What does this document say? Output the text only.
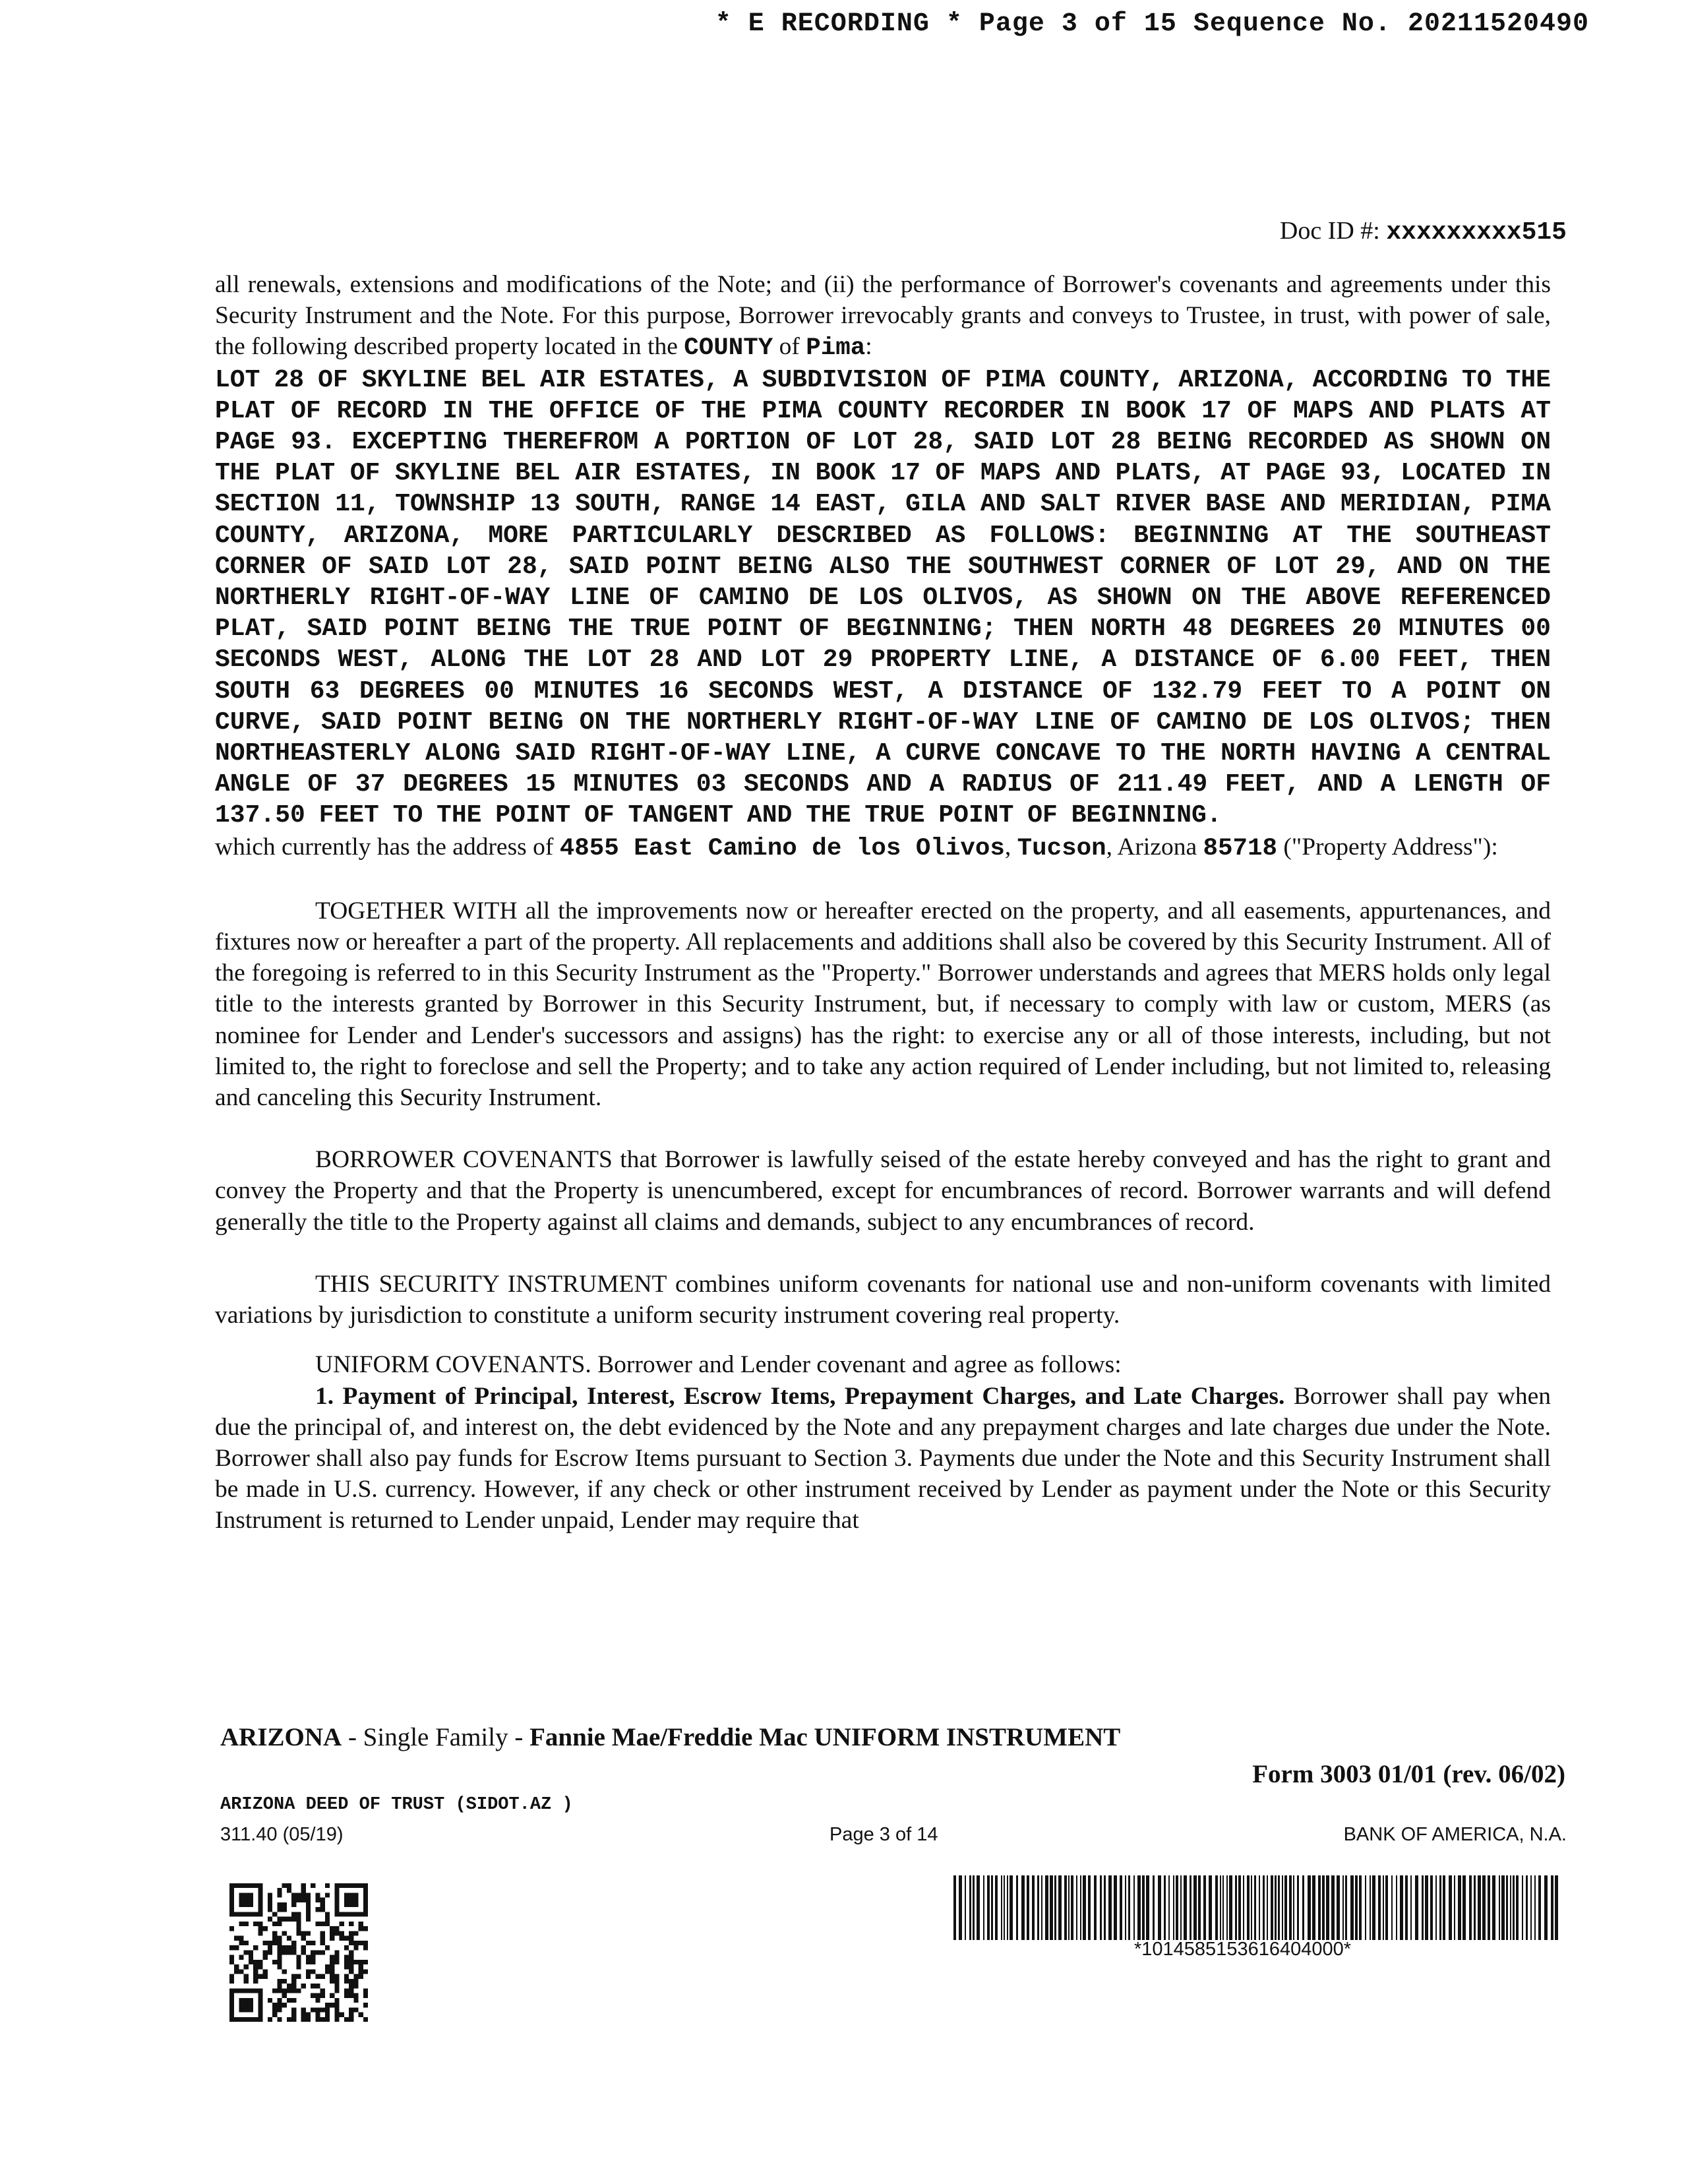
* E RECORDING * Page 3 of 15 Sequence No. 20211520490
Doc ID #: xxxxxxxxx515

all renewals, extensions and modifications of the Note; and (ii) the performance of Borrower's covenants and agreements under this Security Instrument and the Note. For this purpose, Borrower irrevocably grants and conveys to Trustee, in trust, with power of sale, the following described property located in the COUNTY of Pima:

LOT 28 OF SKYLINE BEL AIR ESTATES, A SUBDIVISION OF PIMA COUNTY, ARIZONA, ACCORDING TO THE PLAT OF RECORD IN THE OFFICE OF THE PIMA COUNTY RECORDER IN BOOK 17 OF MAPS AND PLATS AT PAGE 93. EXCEPTING THEREFROM A PORTION OF LOT 28, SAID LOT 28 BEING RECORDED AS SHOWN ON THE PLAT OF SKYLINE BEL AIR ESTATES, IN BOOK 17 OF MAPS AND PLATS, AT PAGE 93, LOCATED IN SECTION 11, TOWNSHIP 13 SOUTH, RANGE 14 EAST, GILA AND SALT RIVER BASE AND MERIDIAN, PIMA COUNTY, ARIZONA, MORE PARTICULARLY DESCRIBED AS FOLLOWS: BEGINNING AT THE SOUTHEAST CORNER OF SAID LOT 28, SAID POINT BEING ALSO THE SOUTHWEST CORNER OF LOT 29, AND ON THE NORTHERLY RIGHT-OF-WAY LINE OF CAMINO DE LOS OLIVOS, AS SHOWN ON THE ABOVE REFERENCED PLAT, SAID POINT BEING THE TRUE POINT OF BEGINNING; THEN NORTH 48 DEGREES 20 MINUTES 00 SECONDS WEST, ALONG THE LOT 28 AND LOT 29 PROPERTY LINE, A DISTANCE OF 6.00 FEET, THEN SOUTH 63 DEGREES 00 MINUTES 16 SECONDS WEST, A DISTANCE OF 132.79 FEET TO A POINT ON CURVE, SAID POINT BEING ON THE NORTHERLY RIGHT-OF-WAY LINE OF CAMINO DE LOS OLIVOS; THEN NORTHEASTERLY ALONG SAID RIGHT-OF-WAY LINE, A CURVE CONCAVE TO THE NORTH HAVING A CENTRAL ANGLE OF 37 DEGREES 15 MINUTES 03 SECONDS AND A RADIUS OF 211.49 FEET, AND A LENGTH OF 137.50 FEET TO THE POINT OF TANGENT AND THE TRUE POINT OF BEGINNING.

which currently has the address of 4855 East Camino de los Olivos, Tucson, Arizona 85718 ("Property Address"):

TOGETHER WITH all the improvements now or hereafter erected on the property, and all easements, appurtenances, and fixtures now or hereafter a part of the property. All replacements and additions shall also be covered by this Security Instrument. All of the foregoing is referred to in this Security Instrument as the "Property." Borrower understands and agrees that MERS holds only legal title to the interests granted by Borrower in this Security Instrument, but, if necessary to comply with law or custom, MERS (as nominee for Lender and Lender's successors and assigns) has the right: to exercise any or all of those interests, including, but not limited to, the right to foreclose and sell the Property; and to take any action required of Lender including, but not limited to, releasing and canceling this Security Instrument.

BORROWER COVENANTS that Borrower is lawfully seised of the estate hereby conveyed and has the right to grant and convey the Property and that the Property is unencumbered, except for encumbrances of record. Borrower warrants and will defend generally the title to the Property against all claims and demands, subject to any encumbrances of record.

THIS SECURITY INSTRUMENT combines uniform covenants for national use and non-uniform covenants with limited variations by jurisdiction to constitute a uniform security instrument covering real property.

UNIFORM COVENANTS. Borrower and Lender covenant and agree as follows:

1. Payment of Principal, Interest, Escrow Items, Prepayment Charges, and Late Charges. Borrower shall pay when due the principal of, and interest on, the debt evidenced by the Note and any prepayment charges and late charges due under the Note. Borrower shall also pay funds for Escrow Items pursuant to Section 3. Payments due under the Note and this Security Instrument shall be made in U.S. currency. However, if any check or other instrument received by Lender as payment under the Note or this Security Instrument is returned to Lender unpaid, Lender may require that

ARIZONA - Single Family - Fannie Mae/Freddie Mac UNIFORM INSTRUMENT
Form 3003 01/01 (rev. 06/02)
ARIZONA DEED OF TRUST (SIDOT.AZ )
311.40 (05/19)	Page 3 of 14	BANK OF AMERICA, N.A.
*1014585153616404000*
